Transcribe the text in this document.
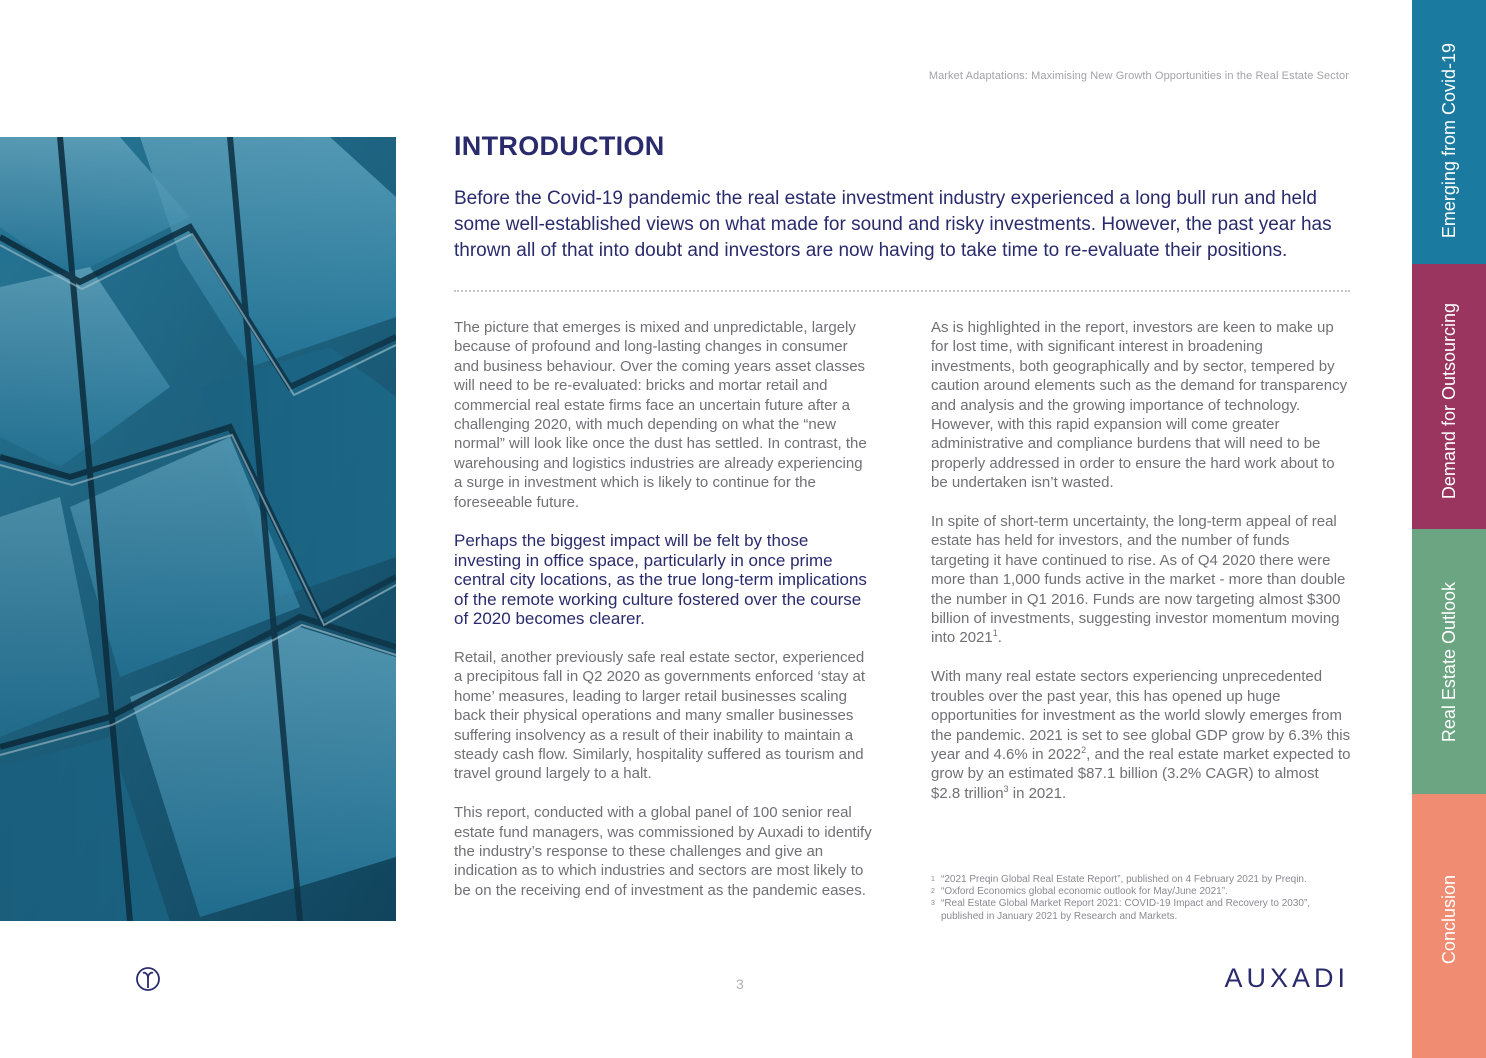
Market Adaptations: Maximising New Growth Opportunities in the Real Estate Sector
INTRODUCTION

Before the Covid-19 pandemic the real estate investment industry experienced a long bull run and held some well-established views on what made for sound and risky investments. However, the past year has thrown all of that into doubt and investors are now having to take time to re-evaluate their positions.

The picture that emerges is mixed and unpredictable, largely because of profound and long-lasting changes in consumer and business behaviour. Over the coming years asset classes will need to be re-evaluated: bricks and mortar retail and commercial real estate firms face an uncertain future after a challenging 2020, with much depending on what the “new normal” will look like once the dust has settled. In contrast, the warehousing and logistics industries are already experiencing a surge in investment which is likely to continue for the foreseeable future.

Perhaps the biggest impact will be felt by those investing in office space, particularly in once prime central city locations, as the true long-term implications of the remote working culture fostered over the course of 2020 becomes clearer.

Retail, another previously safe real estate sector, experienced a precipitous fall in Q2 2020 as governments enforced ‘stay at home’ measures, leading to larger retail businesses scaling back their physical operations and many smaller businesses suffering insolvency as a result of their inability to maintain a steady cash flow. Similarly, hospitality suffered as tourism and travel ground largely to a halt.

This report, conducted with a global panel of 100 senior real estate fund managers, was commissioned by Auxadi to identify the industry’s response to these challenges and give an indication as to which industries and sectors are most likely to be on the receiving end of investment as the pandemic eases.

As is highlighted in the report, investors are keen to make up for lost time, with significant interest in broadening investments, both geographically and by sector, tempered by caution around elements such as the demand for transparency and analysis and the growing importance of technology. However, with this rapid expansion will come greater administrative and compliance burdens that will need to be properly addressed in order to ensure the hard work about to be undertaken isn’t wasted.

In spite of short-term uncertainty, the long-term appeal of real estate has held for investors, and the number of funds targeting it have continued to rise. As of Q4 2020 there were more than 1,000 funds active in the market - more than double the number in Q1 2016. Funds are now targeting almost $300 billion of investments, suggesting investor momentum moving into 2021$^1$.

With many real estate sectors experiencing unprecedented troubles over the past year, this has opened up huge opportunities for investment as the world slowly emerges from the pandemic. 2021 is set to see global GDP grow by 6.3% this year and 4.6% in 2022$^2$, and the real estate market expected to grow by an estimated $87.1 billion (3.2% CAGR) to almost $2.8 trillion$^3$ in 2021.

1 “2021 Preqin Global Real Estate Report”, published on 4 February 2021 by Preqin.
2 “Oxford Economics global economic outlook for May/June 2021”.
3 “Real Estate Global Market Report 2021: COVID-19 Impact and Recovery to 2030”, published in January 2021 by Research and Markets.
3	AUXADI
Emerging from Covid-19
Demand for Outsourcing
Real Estate Outlook
Conclusion
